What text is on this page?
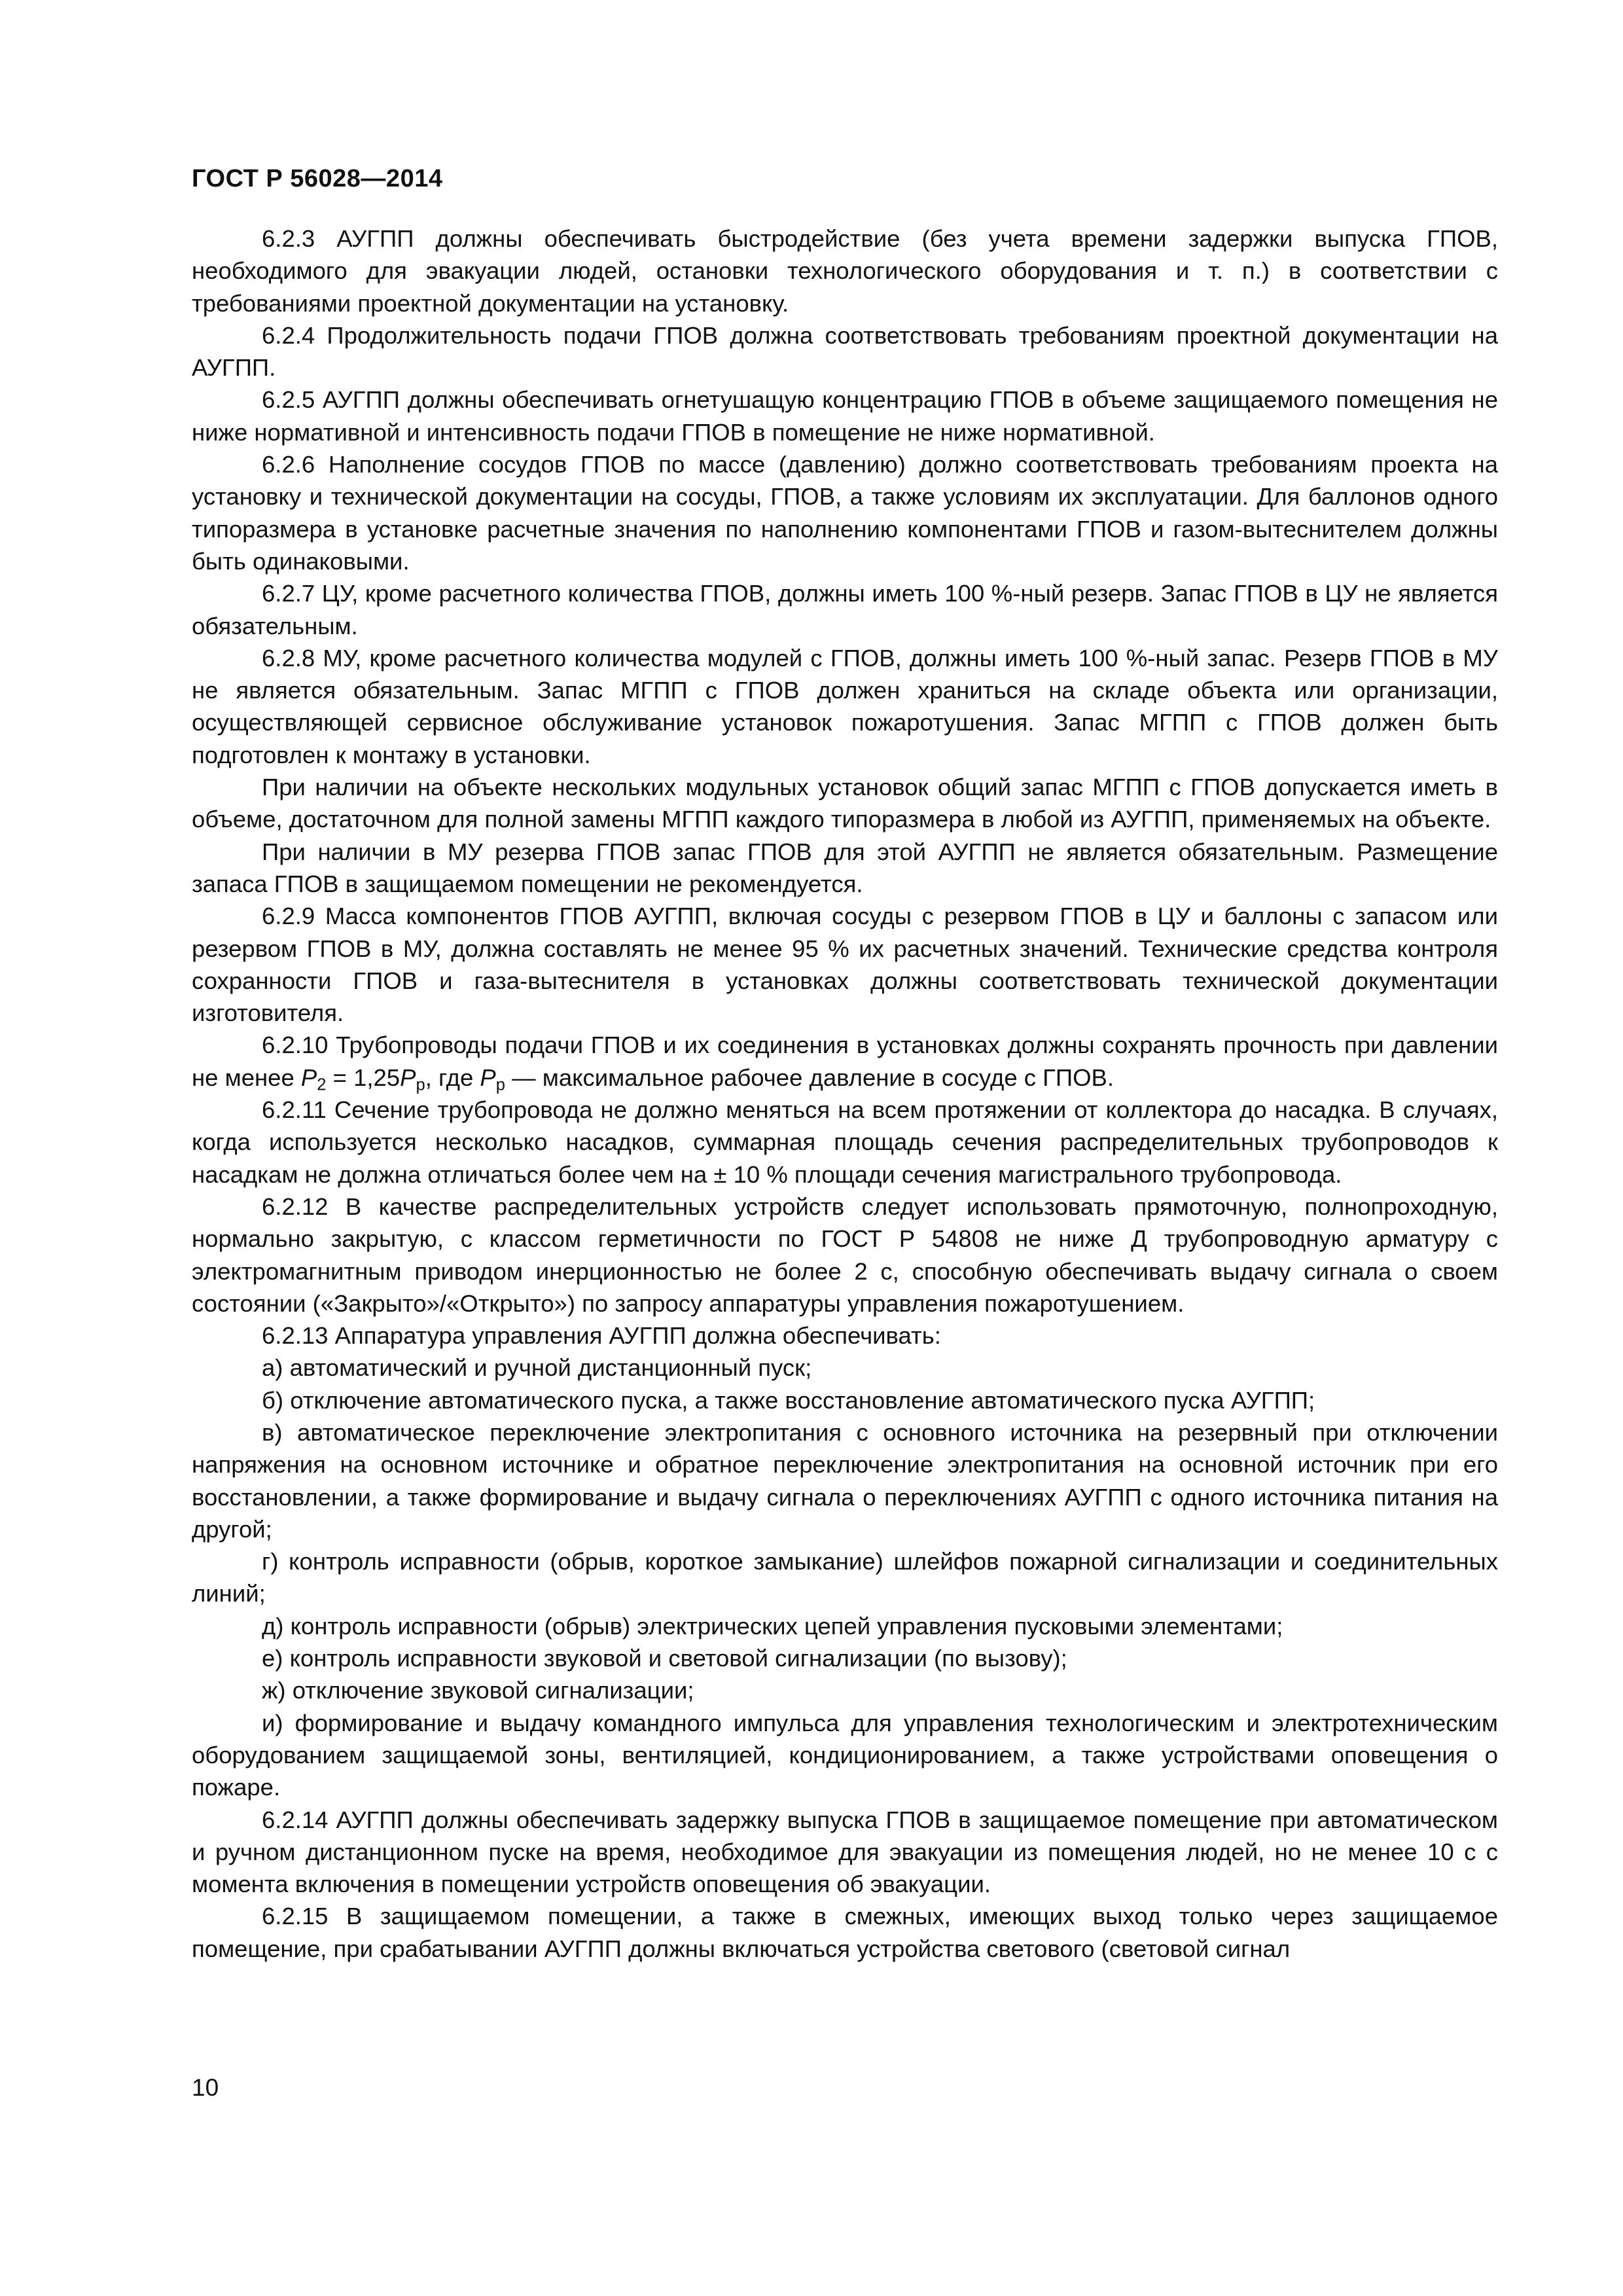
ГОСТ Р 56028—2014

6.2.3 АУГПП должны обеспечивать быстродействие (без учета времени задержки выпуска ГПОВ, необходимого для эвакуации людей, остановки технологического оборудования и т. п.) в соответствии с требованиями проектной документации на установку.

6.2.4 Продолжительность подачи ГПОВ должна соответствовать требованиям проектной документации на АУГПП.

6.2.5 АУГПП должны обеспечивать огнетушащую концентрацию ГПОВ в объеме защищаемого помещения не ниже нормативной и интенсивность подачи ГПОВ в помещение не ниже нормативной.

6.2.6 Наполнение сосудов ГПОВ по массе (давлению) должно соответствовать требованиям проекта на установку и технической документации на сосуды, ГПОВ, а также условиям их эксплуатации. Для баллонов одного типоразмера в установке расчетные значения по наполнению компонентами ГПОВ и газом-вытеснителем должны быть одинаковыми.

6.2.7 ЦУ, кроме расчетного количества ГПОВ, должны иметь 100 %-ный резерв. Запас ГПОВ в ЦУ не является обязательным.

6.2.8 МУ, кроме расчетного количества модулей с ГПОВ, должны иметь 100 %-ный запас. Резерв ГПОВ в МУ не является обязательным. Запас МГПП с ГПОВ должен храниться на складе объекта или организации, осуществляющей сервисное обслуживание установок пожаротушения. Запас МГПП с ГПОВ должен быть подготовлен к монтажу в установки.

При наличии на объекте нескольких модульных установок общий запас МГПП с ГПОВ допускается иметь в объеме, достаточном для полной замены МГПП каждого типоразмера в любой из АУГПП, применяемых на объекте.

При наличии в МУ резерва ГПОВ запас ГПОВ для этой АУГПП не является обязательным. Размещение запаса ГПОВ в защищаемом помещении не рекомендуется.

6.2.9 Масса компонентов ГПОВ АУГПП, включая сосуды с резервом ГПОВ в ЦУ и баллоны с запасом или резервом ГПОВ в МУ, должна составлять не менее 95 % их расчетных значений. Технические средства контроля сохранности ГПОВ и газа-вытеснителя в установках должны соответствовать технической документации изготовителя.

6.2.10 Трубопроводы подачи ГПОВ и их соединения в установках должны сохранять прочность при давлении не менее $P_2 = 1,25P_р$, где $P_р$ — максимальное рабочее давление в сосуде с ГПОВ.

6.2.11 Сечение трубопровода не должно меняться на всем протяжении от коллектора до насадка. В случаях, когда используется несколько насадков, суммарная площадь сечения распределительных трубопроводов к насадкам не должна отличаться более чем на ± 10 % площади сечения магистрального трубопровода.

6.2.12 В качестве распределительных устройств следует использовать прямоточную, полнопроходную, нормально закрытую, с классом герметичности по ГОСТ Р 54808 не ниже Д трубопроводную арматуру с электромагнитным приводом инерционностью не более 2 с, способную обеспечивать выдачу сигнала о своем состоянии («Закрыто»/«Открыто») по запросу аппаратуры управления пожаротушением.

6.2.13 Аппаратура управления АУГПП должна обеспечивать:

а) автоматический и ручной дистанционный пуск;

б) отключение автоматического пуска, а также восстановление автоматического пуска АУГПП;

в) автоматическое переключение электропитания с основного источника на резервный при отключении напряжения на основном источнике и обратное переключение электропитания на основной источник при его восстановлении, а также формирование и выдачу сигнала о переключениях АУГПП с одного источника питания на другой;

г) контроль исправности (обрыв, короткое замыкание) шлейфов пожарной сигнализации и соединительных линий;

д) контроль исправности (обрыв) электрических цепей управления пусковыми элементами;

е) контроль исправности звуковой и световой сигнализации (по вызову);

ж) отключение звуковой сигнализации;

и) формирование и выдачу командного импульса для управления технологическим и электротехническим оборудованием защищаемой зоны, вентиляцией, кондиционированием, а также устройствами оповещения о пожаре.

6.2.14 АУГПП должны обеспечивать задержку выпуска ГПОВ в защищаемое помещение при автоматическом и ручном дистанционном пуске на время, необходимое для эвакуации из помещения людей, но не менее 10 с с момента включения в помещении устройств оповещения об эвакуации.

6.2.15 В защищаемом помещении, а также в смежных, имеющих выход только через защищаемое помещение, при срабатывании АУГПП должны включаться устройства светового (световой сигнал

10
